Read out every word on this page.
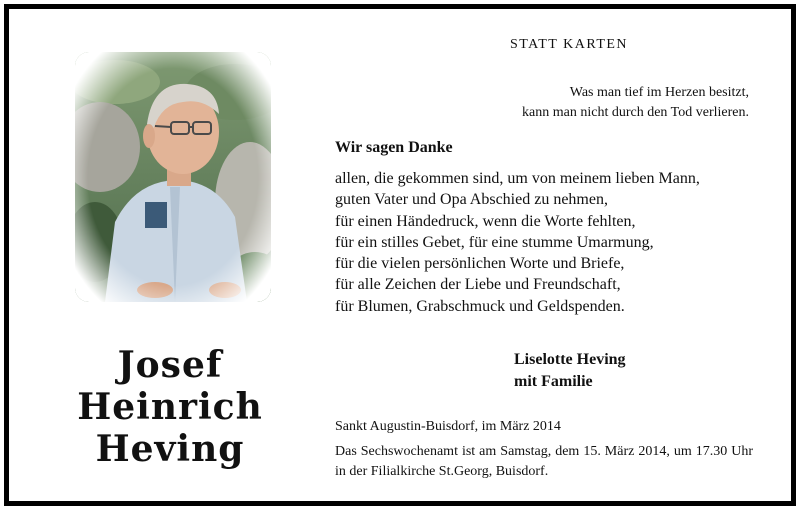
Josef Heinrich
Heving
STATT KARTEN
Was man tief im Herzen besitzt,
kann man nicht durch den Tod verlieren.
Wir sagen Danke
allen, die gekommen sind, um von meinem lieben Mann,
guten Vater und Opa Abschied zu nehmen,
für einen Händedruck, wenn die Worte fehlten,
für ein stilles Gebet, für eine stumme Umarmung,
für die vielen persönlichen Worte und Briefe,
für alle Zeichen der Liebe und Freundschaft,
für Blumen, Grabschmuck und Geldspenden.
Liselotte Heving
mit Familie
Sankt Augustin-Buisdorf, im März 2014
Das Sechswochenamt ist am Samstag, dem 15. März 2014, um 17.30 Uhr in der Filialkirche St.Georg, Buisdorf.
